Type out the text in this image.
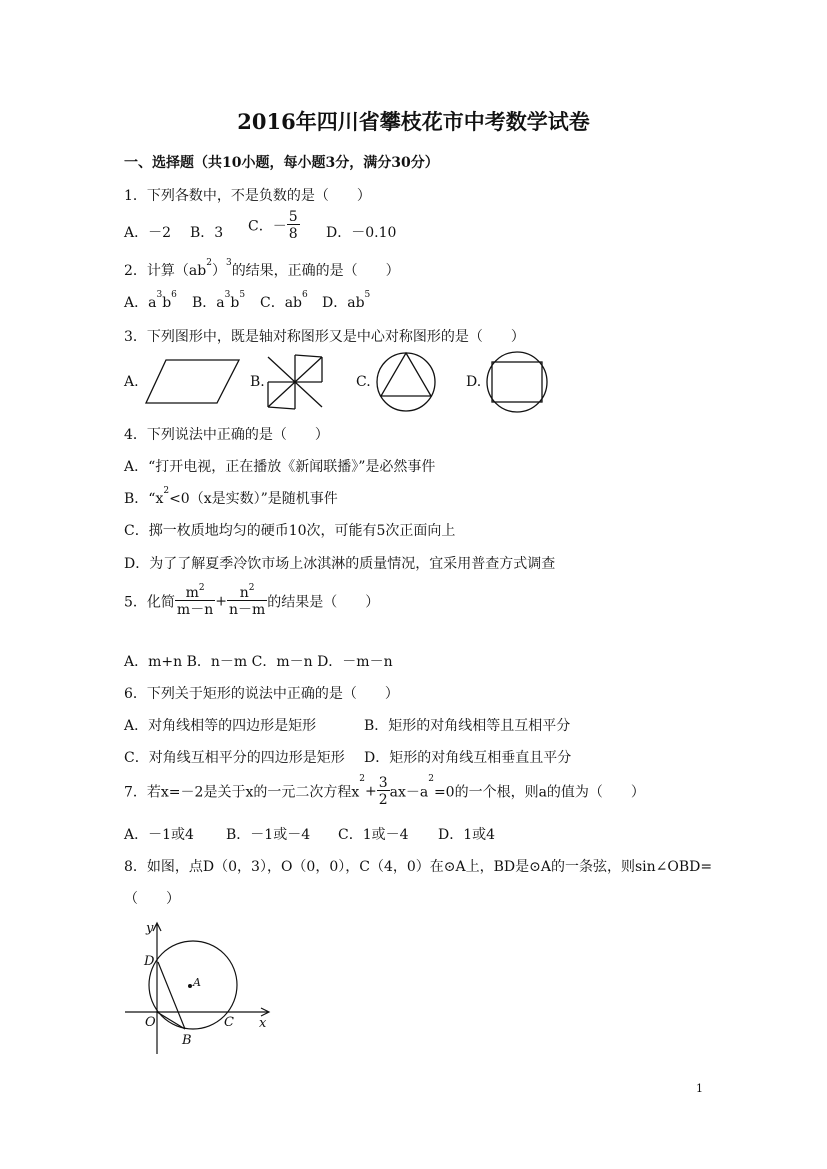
2016年四川省攀枝花市中考数学试卷
一、选择题（共10小题，每小题3分，满分30分）
1．下列各数中，不是负数的是（　　）
A．－2 B．3 C．－ $\frac{5}{8}$ D．－0.10
2．计算$(ab^2)^3$的结果，正确的是（　　）
A．$a^3b^6$ B．$a^3b^5$ C．$ab^6$ D．$ab^5$
3．下列图形中，既是轴对称图形又是中心对称图形的是（　　）
A.	B.	C.	D.
4．下列说法中正确的是（　　）
A．“打开电视，正在播放《新闻联播》”是必然事件
B．“$x^2<0(x$是实数）”是随机事件
C．掷一枚质地均匀的硬币10次，可能有5次正面向上
D．为了了解夏季冷饮市场上冰淇淋的质量情况，宜采用普查方式调查
5．化简 $\frac{m^2}{m-n} + \frac{n^2}{n-m}$ 的结果是（　　）
A．m+n B．n－m C．m－n D．－m－n
6．下列关于矩形的说法中正确的是（　　）
A．对角线相等的四边形是矩形	B．矩形的对角线相等且互相平分
C．对角线互相平分的四边形是矩形 D．矩形的对角线互相垂直且平分
7．若x=－2是关于x的一元二次方程$x^2+ \frac{3}{2} ax-a^2=0$的一个根，则a的值为（　　）
A．－1或4 B．－1或－4 C．1或－4 D．1或4
8．如图，点D（0，3），O（0，0），C（4，0）在⊙A上，BD是⊙A的一条弦，则sin∠OBD=
（　　）
y
D
A
O	C x
B
1
